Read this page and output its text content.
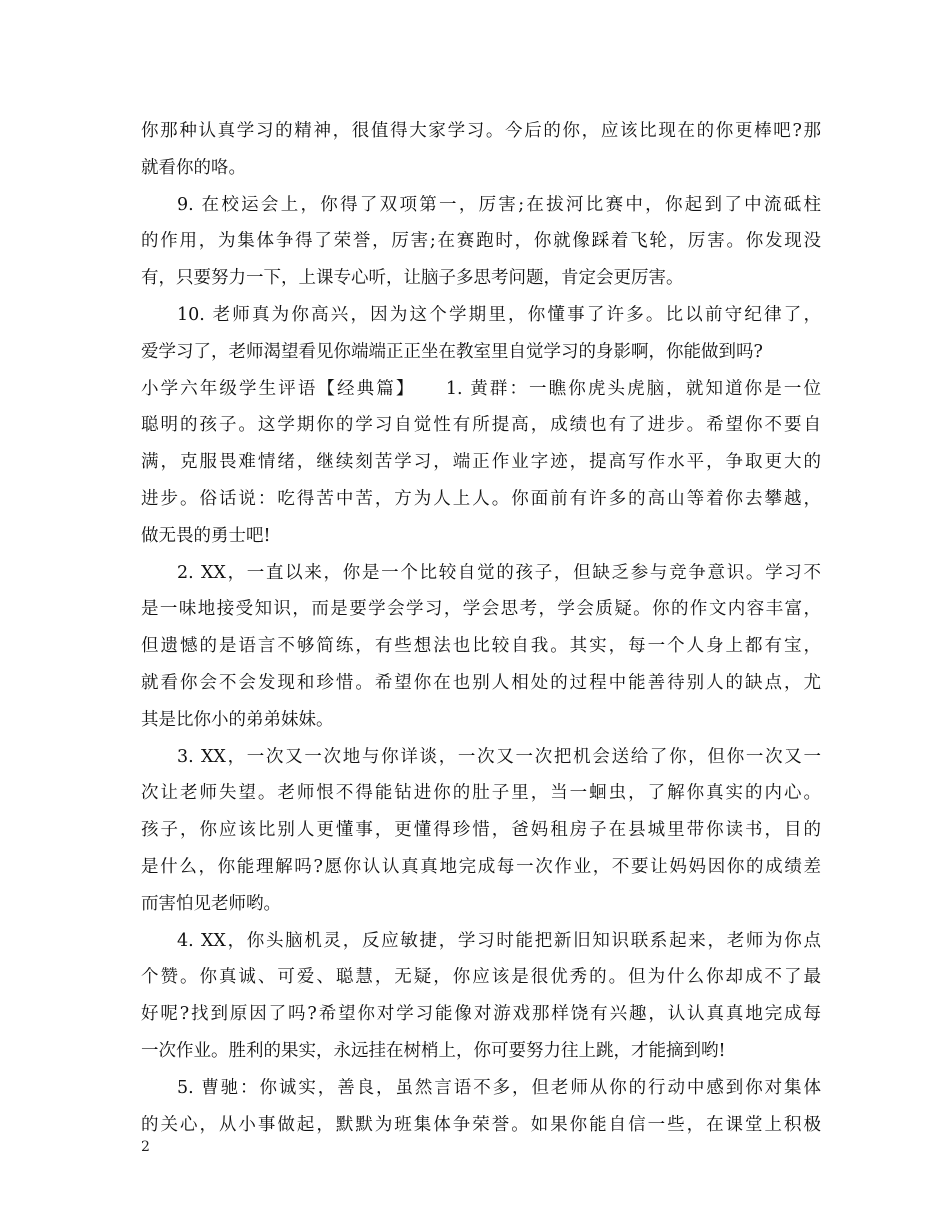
你那种认真学习的精神，很值得大家学习。今后的你，应该比现在的你更棒吧?那
就看你的咯。
9. 在校运会上，你得了双项第一，厉害;在拔河比赛中，你起到了中流砥柱
的作用，为集体争得了荣誉，厉害;在赛跑时，你就像踩着飞轮，厉害。你发现没
有，只要努力一下，上课专心听，让脑子多思考问题，肯定会更厉害。
10. 老师真为你高兴，因为这个学期里，你懂事了许多。比以前守纪律了，
爱学习了，老师渴望看见你端端正正坐在教室里自觉学习的身影啊，你能做到吗?
小学六年级学生评语【经典篇】　　1. 黄群：一瞧你虎头虎脑，就知道你是一位
聪明的孩子。这学期你的学习自觉性有所提高，成绩也有了进步。希望你不要自
满，克服畏难情绪，继续刻苦学习，端正作业字迹，提高写作水平，争取更大的
进步。俗话说：吃得苦中苦，方为人上人。你面前有许多的高山等着你去攀越，
做无畏的勇士吧!
2. XX，一直以来，你是一个比较自觉的孩子，但缺乏参与竞争意识。学习不
是一味地接受知识，而是要学会学习，学会思考，学会质疑。你的作文内容丰富，
但遗憾的是语言不够简练，有些想法也比较自我。其实，每一个人身上都有宝，
就看你会不会发现和珍惜。希望你在也别人相处的过程中能善待别人的缺点，尤
其是比你小的弟弟妹妹。
3. XX，一次又一次地与你详谈，一次又一次把机会送给了你，但你一次又一
次让老师失望。老师恨不得能钻进你的肚子里，当一蛔虫，了解你真实的内心。
孩子，你应该比别人更懂事，更懂得珍惜，爸妈租房子在县城里带你读书，目的
是什么，你能理解吗?愿你认认真真地完成每一次作业，不要让妈妈因你的成绩差
而害怕见老师哟。
4. XX，你头脑机灵，反应敏捷，学习时能把新旧知识联系起来，老师为你点
个赞。你真诚、可爱、聪慧，无疑，你应该是很优秀的。但为什么你却成不了最
好呢?找到原因了吗?希望你对学习能像对游戏那样饶有兴趣，认认真真地完成每
一次作业。胜利的果实，永远挂在树梢上，你可要努力往上跳，才能摘到哟!
5. 曹驰：你诚实，善良，虽然言语不多，但老师从你的行动中感到你对集体
的关心，从小事做起，默默为班集体争荣誉。如果你能自信一些，在课堂上积极
2
